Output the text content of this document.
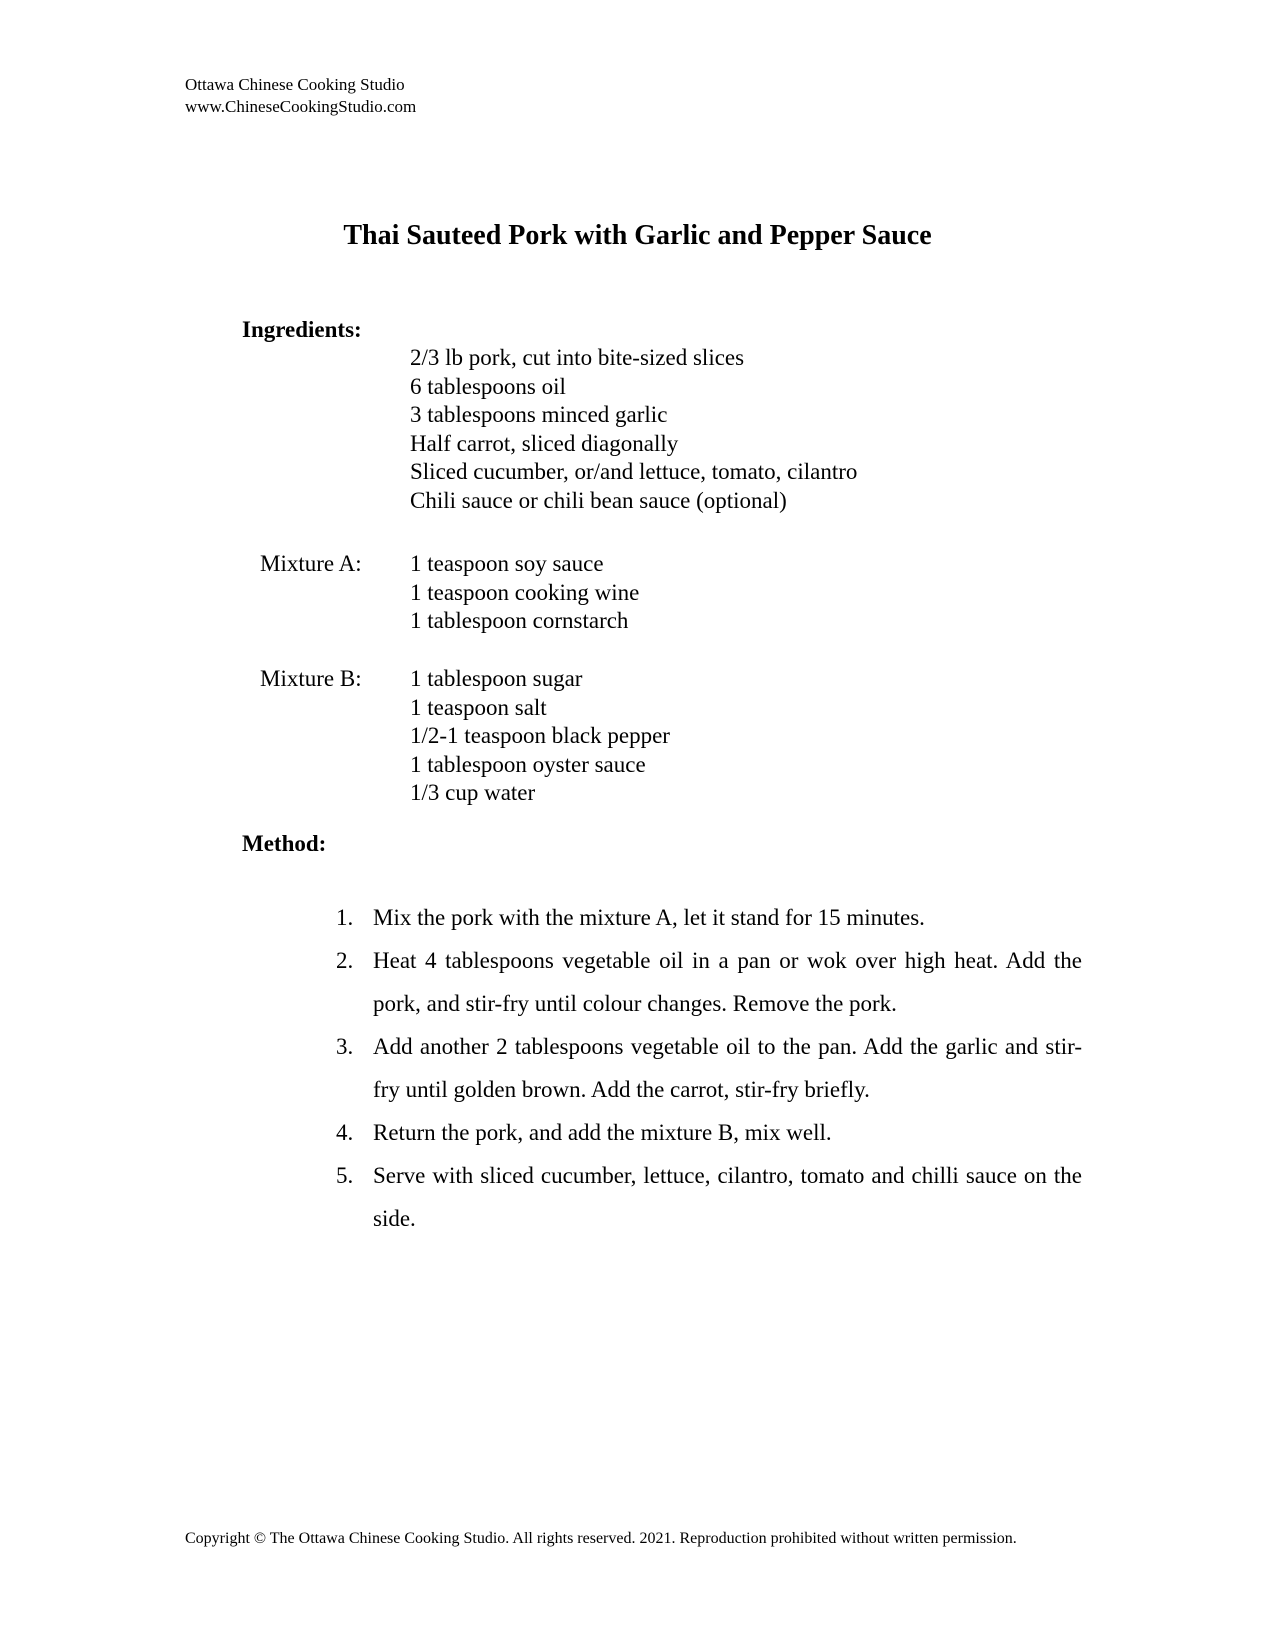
Ottawa Chinese Cooking Studio
www.ChineseCookingStudio.com
Thai Sauteed Pork with Garlic and Pepper Sauce
Ingredients:
2/3 lb pork, cut into bite-sized slices
6 tablespoons oil
3 tablespoons minced garlic
Half carrot, sliced diagonally
Sliced cucumber, or/and lettuce, tomato, cilantro
Chili sauce or chili bean sauce (optional)
Mixture A: 1 teaspoon soy sauce
1 teaspoon cooking wine
1 tablespoon cornstarch
Mixture B: 1 tablespoon sugar
1 teaspoon salt
1/2-1 teaspoon black pepper
1 tablespoon oyster sauce
1/3 cup water
Method:
1. Mix the pork with the mixture A, let it stand for 15 minutes.
2. Heat 4 tablespoons vegetable oil in a pan or wok over high heat. Add the pork, and stir-fry until colour changes. Remove the pork.
3. Add another 2 tablespoons vegetable oil to the pan. Add the garlic and stir-fry until golden brown. Add the carrot, stir-fry briefly.
4. Return the pork, and add the mixture B, mix well.
5. Serve with sliced cucumber, lettuce, cilantro, tomato and chilli sauce on the side.
Copyright © The Ottawa Chinese Cooking Studio. All rights reserved. 2021. Reproduction prohibited without written permission.
